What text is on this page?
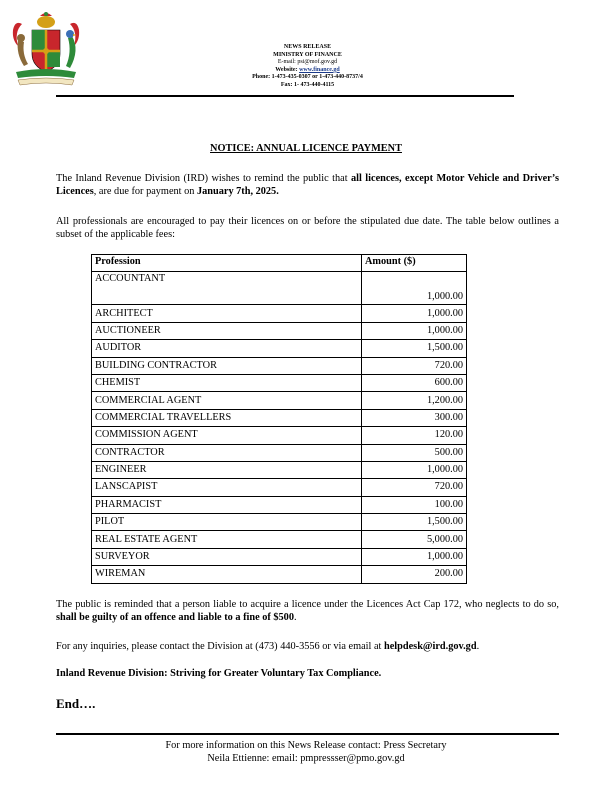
NEWS RELEASE
MINISTRY OF FINANCE
E-mail: psi@mof.gov.gd
Website: www.finance.gd
Phone: 1-473-435-0307 or 1-473-440-8737/4
Fax: 1- 473-440-4115
NOTICE: ANNUAL LICENCE PAYMENT
The Inland Revenue Division (IRD) wishes to remind the public that all licences, except Motor Vehicle and Driver’s Licences, are due for payment on January 7th, 2025.
All professionals are encouraged to pay their licences on or before the stipulated due date. The table below outlines a subset of the applicable fees:
Profession	Amount ($)
ACCOUNTANT	1,000.00
ARCHITECT	1,000.00
AUCTIONEER	1,000.00
AUDITOR	1,500.00
BUILDING CONTRACTOR	720.00
CHEMIST	600.00
COMMERCIAL AGENT	1,200.00
COMMERCIAL TRAVELLERS	300.00
COMMISSION AGENT	120.00
CONTRACTOR	500.00
ENGINEER	1,000.00
LANSCAPIST	720.00
PHARMACIST	100.00
PILOT	1,500.00
REAL ESTATE AGENT	5,000.00
SURVEYOR	1,000.00
WIREMAN	200.00
The public is reminded that a person liable to acquire a licence under the Licences Act Cap 172, who neglects to do so, shall be guilty of an offence and liable to a fine of $500.
For any inquiries, please contact the Division at (473) 440-3556 or via email at helpdesk@ird.gov.gd.
Inland Revenue Division: Striving for Greater Voluntary Tax Compliance.
End….
For more information on this News Release contact: Press Secretary
Neila Ettienne: email: pmpressser@pmo.gov.gd
